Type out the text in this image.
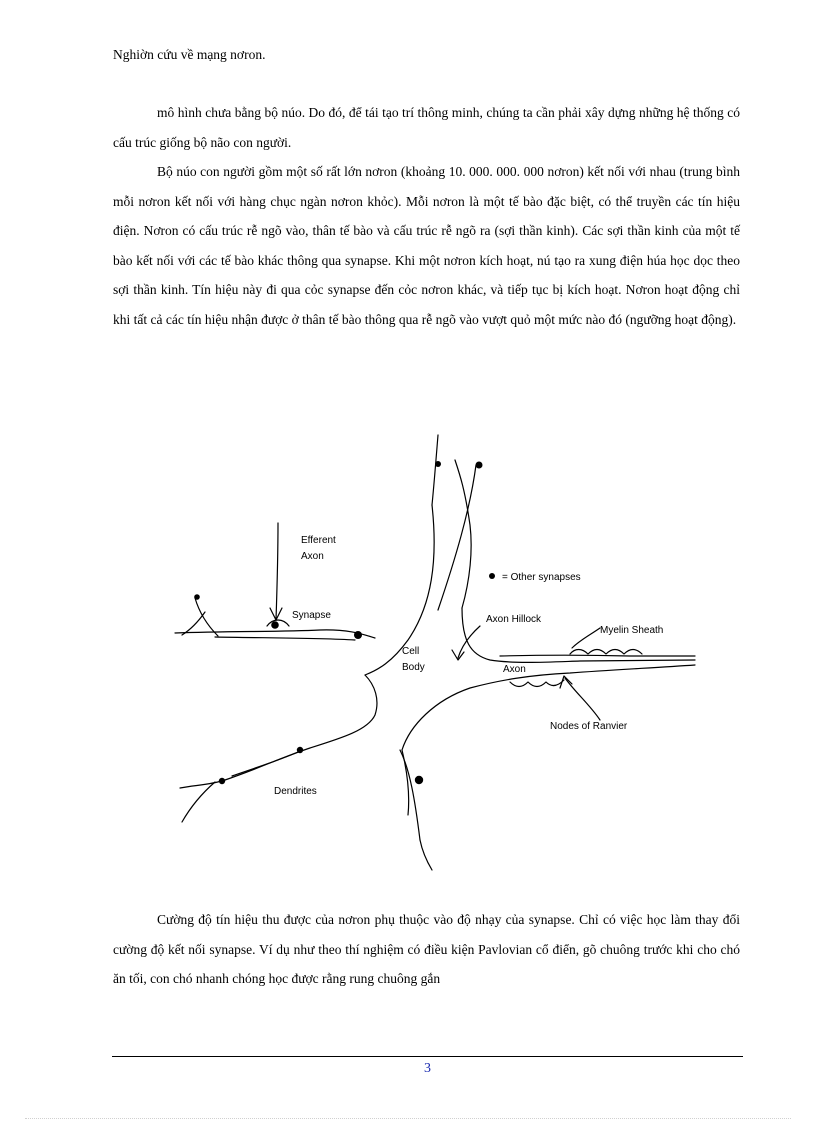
Nghiờn cứu về mạng nơron.

mô hình chưa bằng bộ núo. Do đó, để tái tạo trí thông minh, chúng ta cần phải xây dựng những hệ thống có cấu trúc giống bộ não con người.

Bộ núo con người gồm một số rất lớn nơron (khoảng 10. 000. 000. 000 nơron) kết nối với nhau (trung bình mỗi nơron kết nối với hàng chục ngàn nơron khỏc). Mỗi nơron là một tế bào đặc biệt, có thể truyền các tín hiệu điện. Nơron có cấu trúc rễ ngõ vào, thân tế bào và cấu trúc rễ ngõ ra (sợi thần kinh). Các sợi thần kinh của một tế bào kết nối với các tế bào khác thông qua synapse. Khi một nơron kích hoạt, nú tạo ra xung điện húa học dọc theo sợi thần kinh. Tín hiệu này đi qua cỏc synapse đến cỏc nơron khác, và tiếp tục bị kích hoạt. Nơron hoạt động chỉ khi tất cả các tín hiệu nhận được ở thân tế bào thông qua rễ ngõ vào vượt quỏ một mức nào đó (ngưỡng hoạt động).

Efferent
Axon
Synapse
= Other synapses
Axon Hillock
Myelin Sheath
Cell
Body	Axon
Nodes of Ranvier
Dendrites

Cường độ tín hiệu thu được của nơron phụ thuộc vào độ nhạy của synapse. Chỉ có việc học làm thay đổi cường độ kết nối synapse. Ví dụ như theo thí nghiệm có điều kiện Pavlovian cổ điển, gõ chuông trước khi cho chó ăn tối, con chó nhanh chóng học được rằng rung chuông gắn

3
